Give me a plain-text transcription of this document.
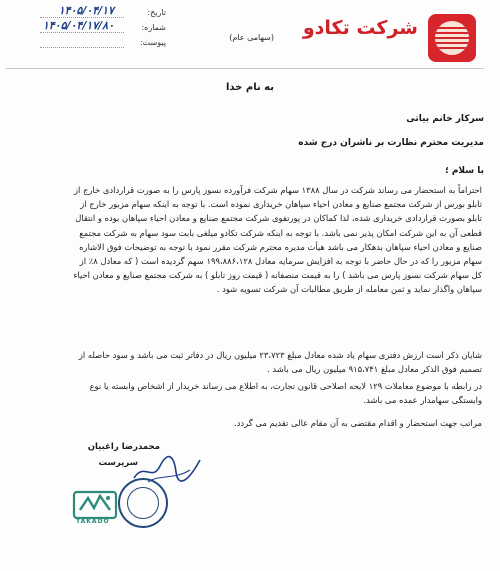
شرکت تکادو
(سهامی عام)
تاریخ:
۱۴۰۵/۰۴/۱۷
شماره:
۱۴۰۵/۰۴/۱۷/۸۰
پیوست:
به نام خدا
سرکار خانم بیاتی
مدیریت محترم نظارت بر ناشران درج شده
با سلام ؛
احتراماً به استحضار می رساند شرکت در سال ۱۳۸۸ سهام شرکت فرآورده نسوز پارس را به صورت قراردادی خارج از
تابلو بورس از شرکت مجتمع صنایع و معادن احیاء سپاهان خریداری نموده است. با توجه به اینکه سهام مزبور خارج از
تابلو بصورت قراردادی خریداری شده، لذا کماکان در پورتفوی شرکت مجتمع صنایع و معادن احیاء سپاهان بوده و انتقال
قطعی آن به این شرکت امکان پذیر نمی باشد. با توجه به اینکه شرکت تکادو میلغی بابت سود سهام به شرکت مجتمع
صنایع و معادن احیاء سپاهان بدهکار می باشد هیأت مدیره محترم شرکت مقرر نمود با توجه به توضیحات فوق الاشاره
سهام مزبور را که در حال حاضر با توجه به افزایش سرمایه معادل ۱۹۹،۸۸۶،۱۲۸ سهم گردیده است ( که معادل ۸٪ از
کل سهام شرکت نسوز پارس می باشد ) را به قیمت منصفانه ( قیمت روز تابلو ) به شرکت مجتمع صنایع و معادن احیاء
سپاهان واگذار نماید و ثمن معامله از طریق مطالبات آن شرکت تسویه شود .
شایان ذکر است ارزش دفتری سهام یاد شده معادل مبلغ ۲۳،۷۲۳ میلیون ریال در دفاتر ثبت می باشد و سود حاصله از
تصمیم فوق الذکر معادل مبلغ ۹۱۵،۷۴۱ میلیون ریال می باشد .
در رابطه با موضوع معاملات ۱۲۹ لایحه اصلاحی قانون تجارت، به اطلاع می رساند خریدار از اشخاص وابسته یا نوع
وابستگی سهامدار عمده می باشد.
مراتب جهت استحضار و اقدام مقتضی به آن مقام عالی تقدیم می گردد.
محمدرضا راغبیان
سرپرست
TAKADO
